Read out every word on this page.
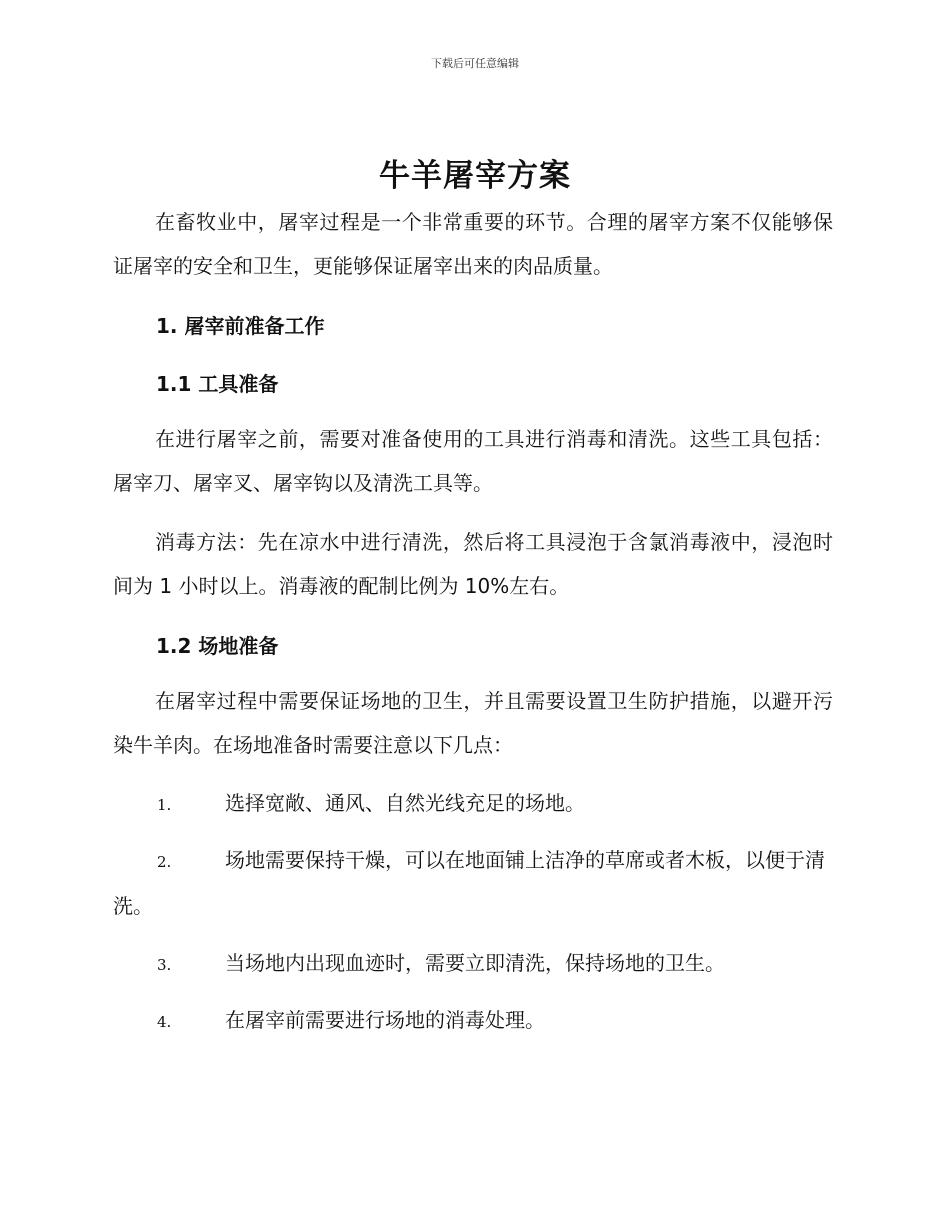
下载后可任意编辑
牛羊屠宰方案

在畜牧业中，屠宰过程是一个非常重要的环节。合理的屠宰方案不仅能够保证屠宰的安全和卫生，更能够保证屠宰出来的肉品质量。

1. 屠宰前准备工作

1.1 工具准备

在进行屠宰之前，需要对准备使用的工具进行消毒和清洗。这些工具包括：屠宰刀、屠宰叉、屠宰钩以及清洗工具等。

消毒方法：先在凉水中进行清洗，然后将工具浸泡于含氯消毒液中，浸泡时间为 1 小时以上。消毒液的配制比例为 10%左右。

1.2 场地准备

在屠宰过程中需要保证场地的卫生，并且需要设置卫生防护措施，以避开污染牛羊肉。在场地准备时需要注意以下几点：

1.	选择宽敞、通风、自然光线充足的场地。

2.	场地需要保持干燥，可以在地面铺上洁净的草席或者木板，以便于清洗。

3.	当场地内出现血迹时，需要立即清洗，保持场地的卫生。

4.	在屠宰前需要进行场地的消毒处理。
